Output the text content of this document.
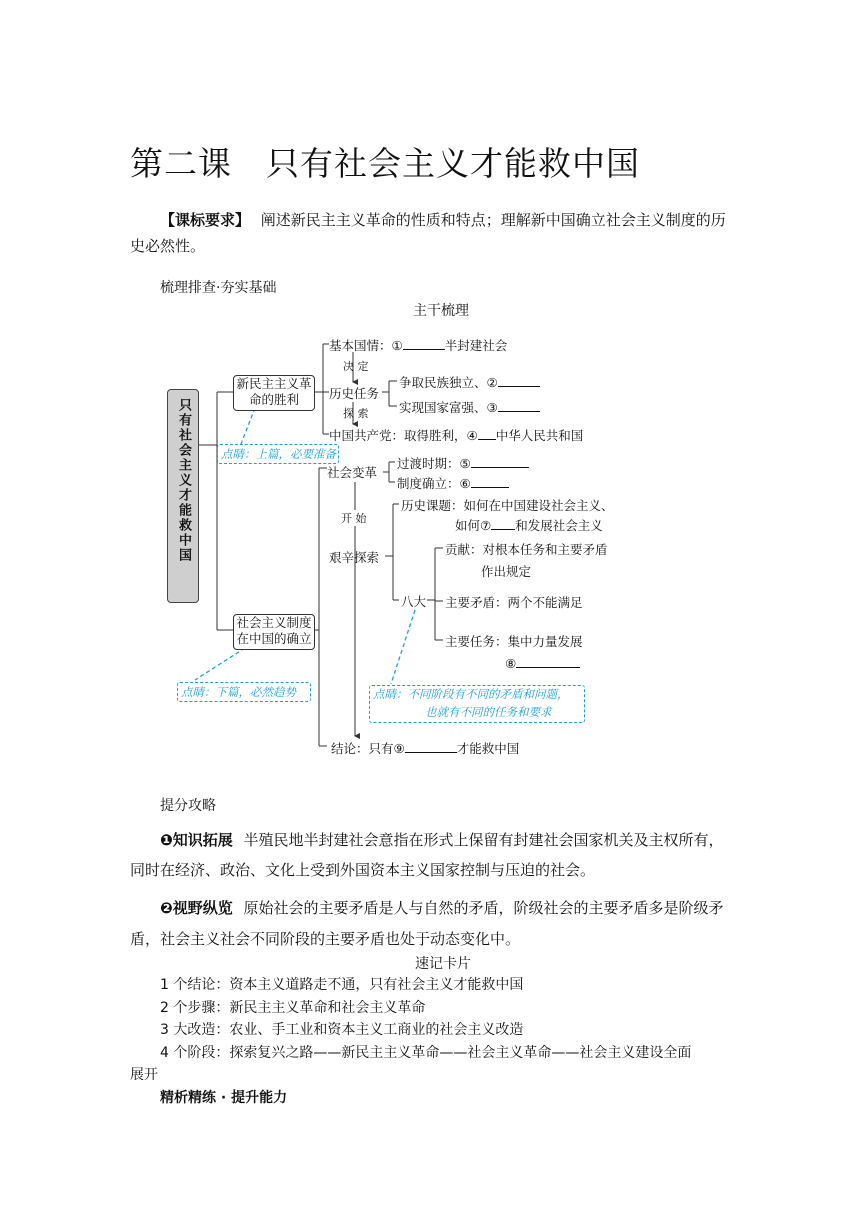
第二课　只有社会主义才能救中国
【课标要求】 阐述新民主主义革命的性质和特点；理解新中国确立社会主义制度的历
史必然性。
梳理排查·夯实基础
主干梳理
只有社会主义才能救中国
新民主主义革命的胜利
社会主义制度在中国的确立
基本国情：①	半封建社会
决 定
历史任务
争取民族独立、②
实现国家富强、③
探 索
中国共产党：取得胜利，④ 中华人民共和国
社会变革
过渡时期：⑤
制度确立：⑥
开 始
艰辛探索
历史课题：如何在中国建设社会主义、
如何⑦ 和发展社会主义
八大
贡献：对根本任务和主要矛盾
作出规定
主要矛盾：两个不能满足
主要任务：集中力量发展
⑧
结论：只有⑨	才能救中国
点睛：上篇，必要准备
点睛：下篇，必然趋势	点睛：不同阶段有不同的矛盾和问题，
也就有不同的任务和要求
提分攻略
❶知识拓展 半殖民地半封建社会意指在形式上保留有封建社会国家机关及主权所有，
同时在经济、政治、文化上受到外国资本主义国家控制与压迫的社会。
❷视野纵览 原始社会的主要矛盾是人与自然的矛盾，阶级社会的主要矛盾多是阶级矛
盾，社会主义社会不同阶段的主要矛盾也处于动态变化中。
速记卡片
1 个结论：资本主义道路走不通，只有社会主义才能救中国
2 个步骤：新民主主义革命和社会主义革命
3 大改造：农业、手工业和资本主义工商业的社会主义改造
4 个阶段：探索复兴之路——新民主主义革命——社会主义革命——社会主义建设全面
展开
精析精练 · 提升能力
